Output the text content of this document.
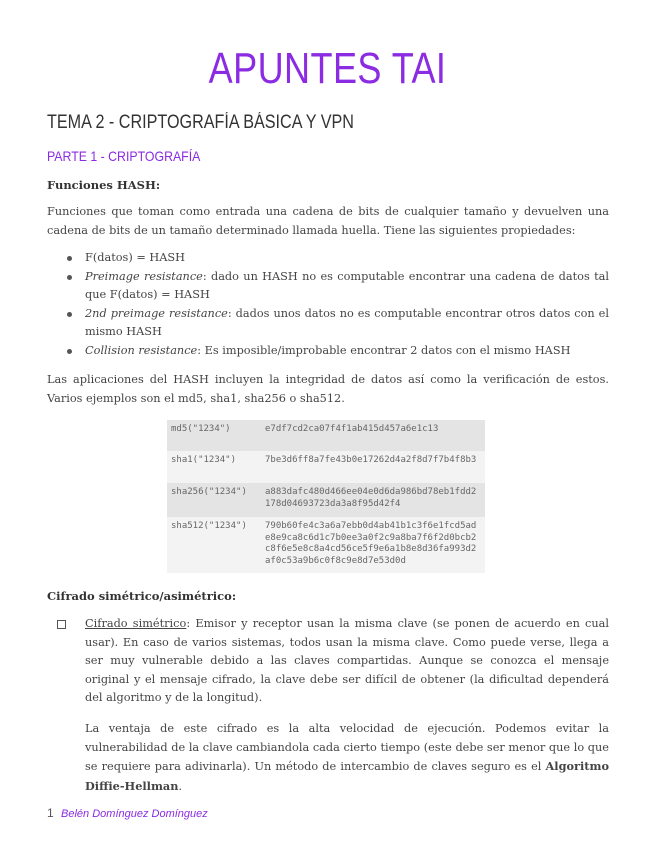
APUNTES TAI
TEMA 2 - CRIPTOGRAFÍA BÁSICA Y VPN
PARTE 1 - CRIPTOGRAFÍA
Funciones HASH:
Funciones que toman como entrada una cadena de bits de cualquier tamaño y devuelven una cadena de bits de un tamaño determinado llamada huella. Tiene las siguientes propiedades:
F(datos) = HASH
Preimage resistance: dado un HASH no es computable encontrar una cadena de datos tal que F(datos) = HASH
2nd preimage resistance: dados unos datos no es computable encontrar otros datos con el mismo HASH
Collision resistance: Es imposible/improbable encontrar 2 datos con el mismo HASH
Las aplicaciones del HASH incluyen la integridad de datos así como la verificación de estos. Varios ejemplos son el md5, sha1, sha256 o sha512.
md5("1234")	e7df7cd2ca07f4f1ab415d457a6e1c13
sha1("1234")	7be3d6ff8a7fe43b0e17262d4a2f8d7f7b4f8b3
sha256("1234")	a883dafc480d466ee04e0d6da986bd78eb1fdd2178d04693723da3a8f95d42f4
sha512("1234")	790b60fe4c3a6a7ebb0d4ab41b1c3f6e1fcd5ade8e9ca8c6d1c7b0ee3a0f2c9a8ba7f6f2d0bcb2c8f6e5e8c8a4cd56ce5f9e6a1b8e8d36fa993d2af0c53a9b6c0f8c9e8d7e53d0d
Cifrado simétrico/asimétrico:
Cifrado simétrico: Emisor y receptor usan la misma clave (se ponen de acuerdo en cual usar). En caso de varios sistemas, todos usan la misma clave. Como puede verse, llega a ser muy vulnerable debido a las claves compartidas. Aunque se conozca el mensaje original y el mensaje cifrado, la clave debe ser difícil de obtener (la dificultad dependerá del algoritmo y de la longitud).
La ventaja de este cifrado es la alta velocidad de ejecución. Podemos evitar la vulnerabilidad de la clave cambiandola cada cierto tiempo (este debe ser menor que lo que se requiere para adivinarla). Un método de intercambio de claves seguro es el Algoritmo Diffie-Hellman.
1 Belén Domínguez Domínguez
